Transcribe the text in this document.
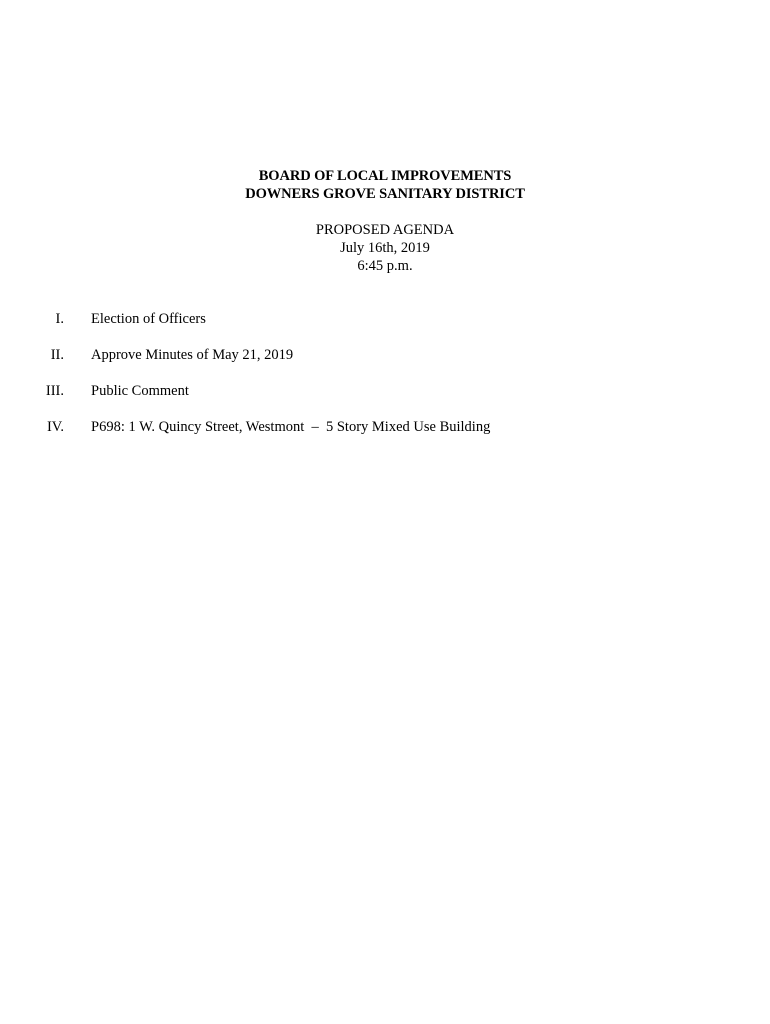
BOARD OF LOCAL IMPROVEMENTS
DOWNERS GROVE SANITARY DISTRICT
PROPOSED AGENDA
July 16th, 2019
6:45 p.m.
I. Election of Officers
II. Approve Minutes of May 21, 2019
III. Public Comment
IV. P698: 1 W. Quincy Street, Westmont  –  5 Story Mixed Use Building
